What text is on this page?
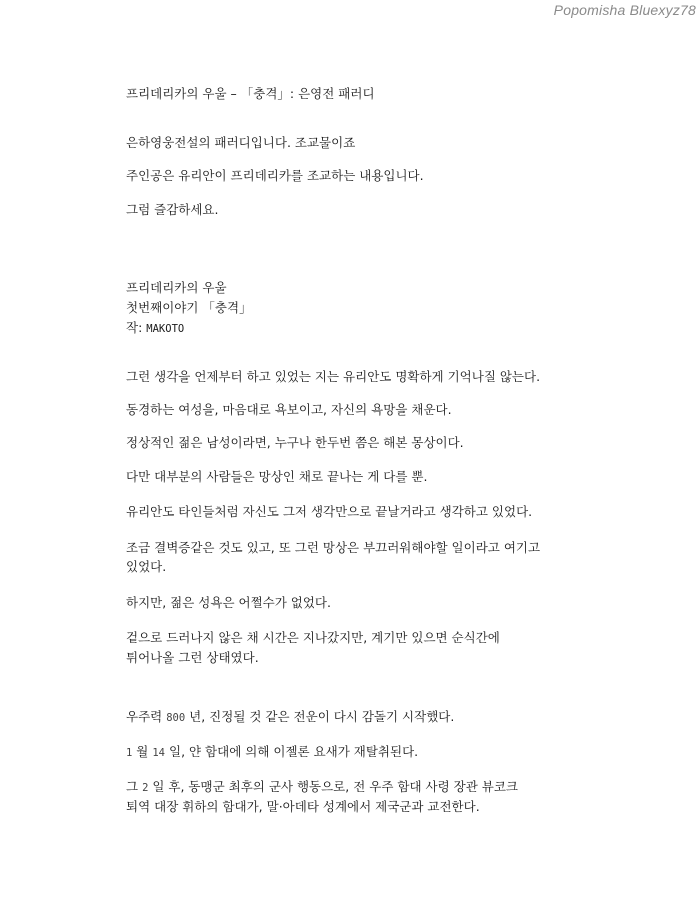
Popomisha Bluexyz78
프리데리카의 우울 – 「충격」: 은영전 패러디
은하영웅전설의 패러디입니다. 조교물이죠
주인공은 유리안이 프리데리카를 조교하는 내용입니다.
그럼 즐감하세요.
프리데리카의 우울
첫번째이야기 「충격」
작: MAKOTO
그런 생각을 언제부터 하고 있었는 지는 유리안도 명확하게 기억나질 않는다.
동경하는 여성을, 마음대로 욕보이고, 자신의 욕망을 채운다.
정상적인 젊은 남성이라면, 누구나 한두번 쯤은 해본 몽상이다.
다만 대부분의 사람들은 망상인 채로 끝나는 게 다를 뿐.
유리안도 타인들처럼 자신도 그저 생각만으로 끝날거라고 생각하고 있었다.
조금 결벽증같은 것도 있고, 또 그런 망상은 부끄러워해야할 일이라고 여기고
있었다.
하지만, 젊은 성욕은 어쩔수가 없었다.
겉으로 드러나지 않은 채 시간은 지나갔지만, 계기만 있으면 순식간에
튀어나올 그런 상태였다.
우주력 800 년, 진정될 것 같은 전운이 다시 감돌기 시작했다.
1 월 14 일, 얀 함대에 의해 이젤론 요새가 재탈취된다.
그 2 일 후, 동맹군 최후의 군사 행동으로, 전 우주 함대 사령 장관 뷰코크
퇴역 대장 휘하의 함대가, 말·아데타 성계에서 제국군과 교전한다.
